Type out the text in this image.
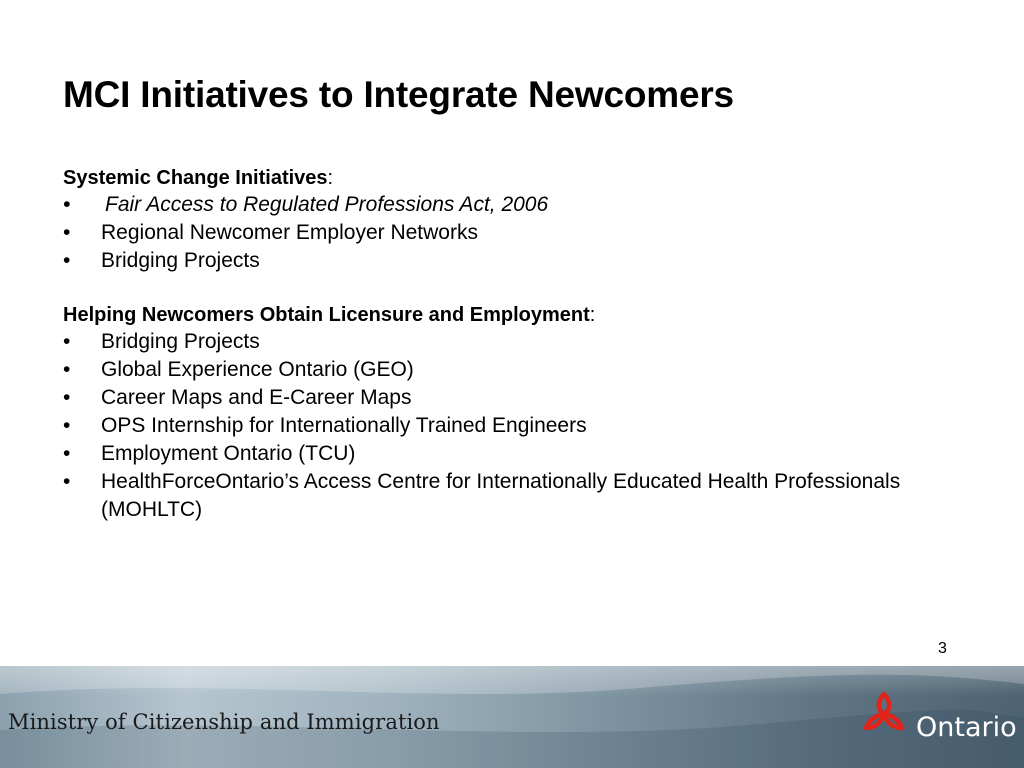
MCI Initiatives to Integrate Newcomers

Systemic Change Initiatives:

• Fair Access to Regulated Professions Act, 2006
• Regional Newcomer Employer Networks
• Bridging Projects

Helping Newcomers Obtain Licensure and Employment:

• Bridging Projects
• Global Experience Ontario (GEO)
• Career Maps and E-Career Maps
• OPS Internship for Internationally Trained Engineers
• Employment Ontario (TCU)
• HealthForceOntario’s Access Centre for Internationally Educated Health Professionals (MOHLTC)
3
Ministry of Citizenship and Immigration	Ontario
